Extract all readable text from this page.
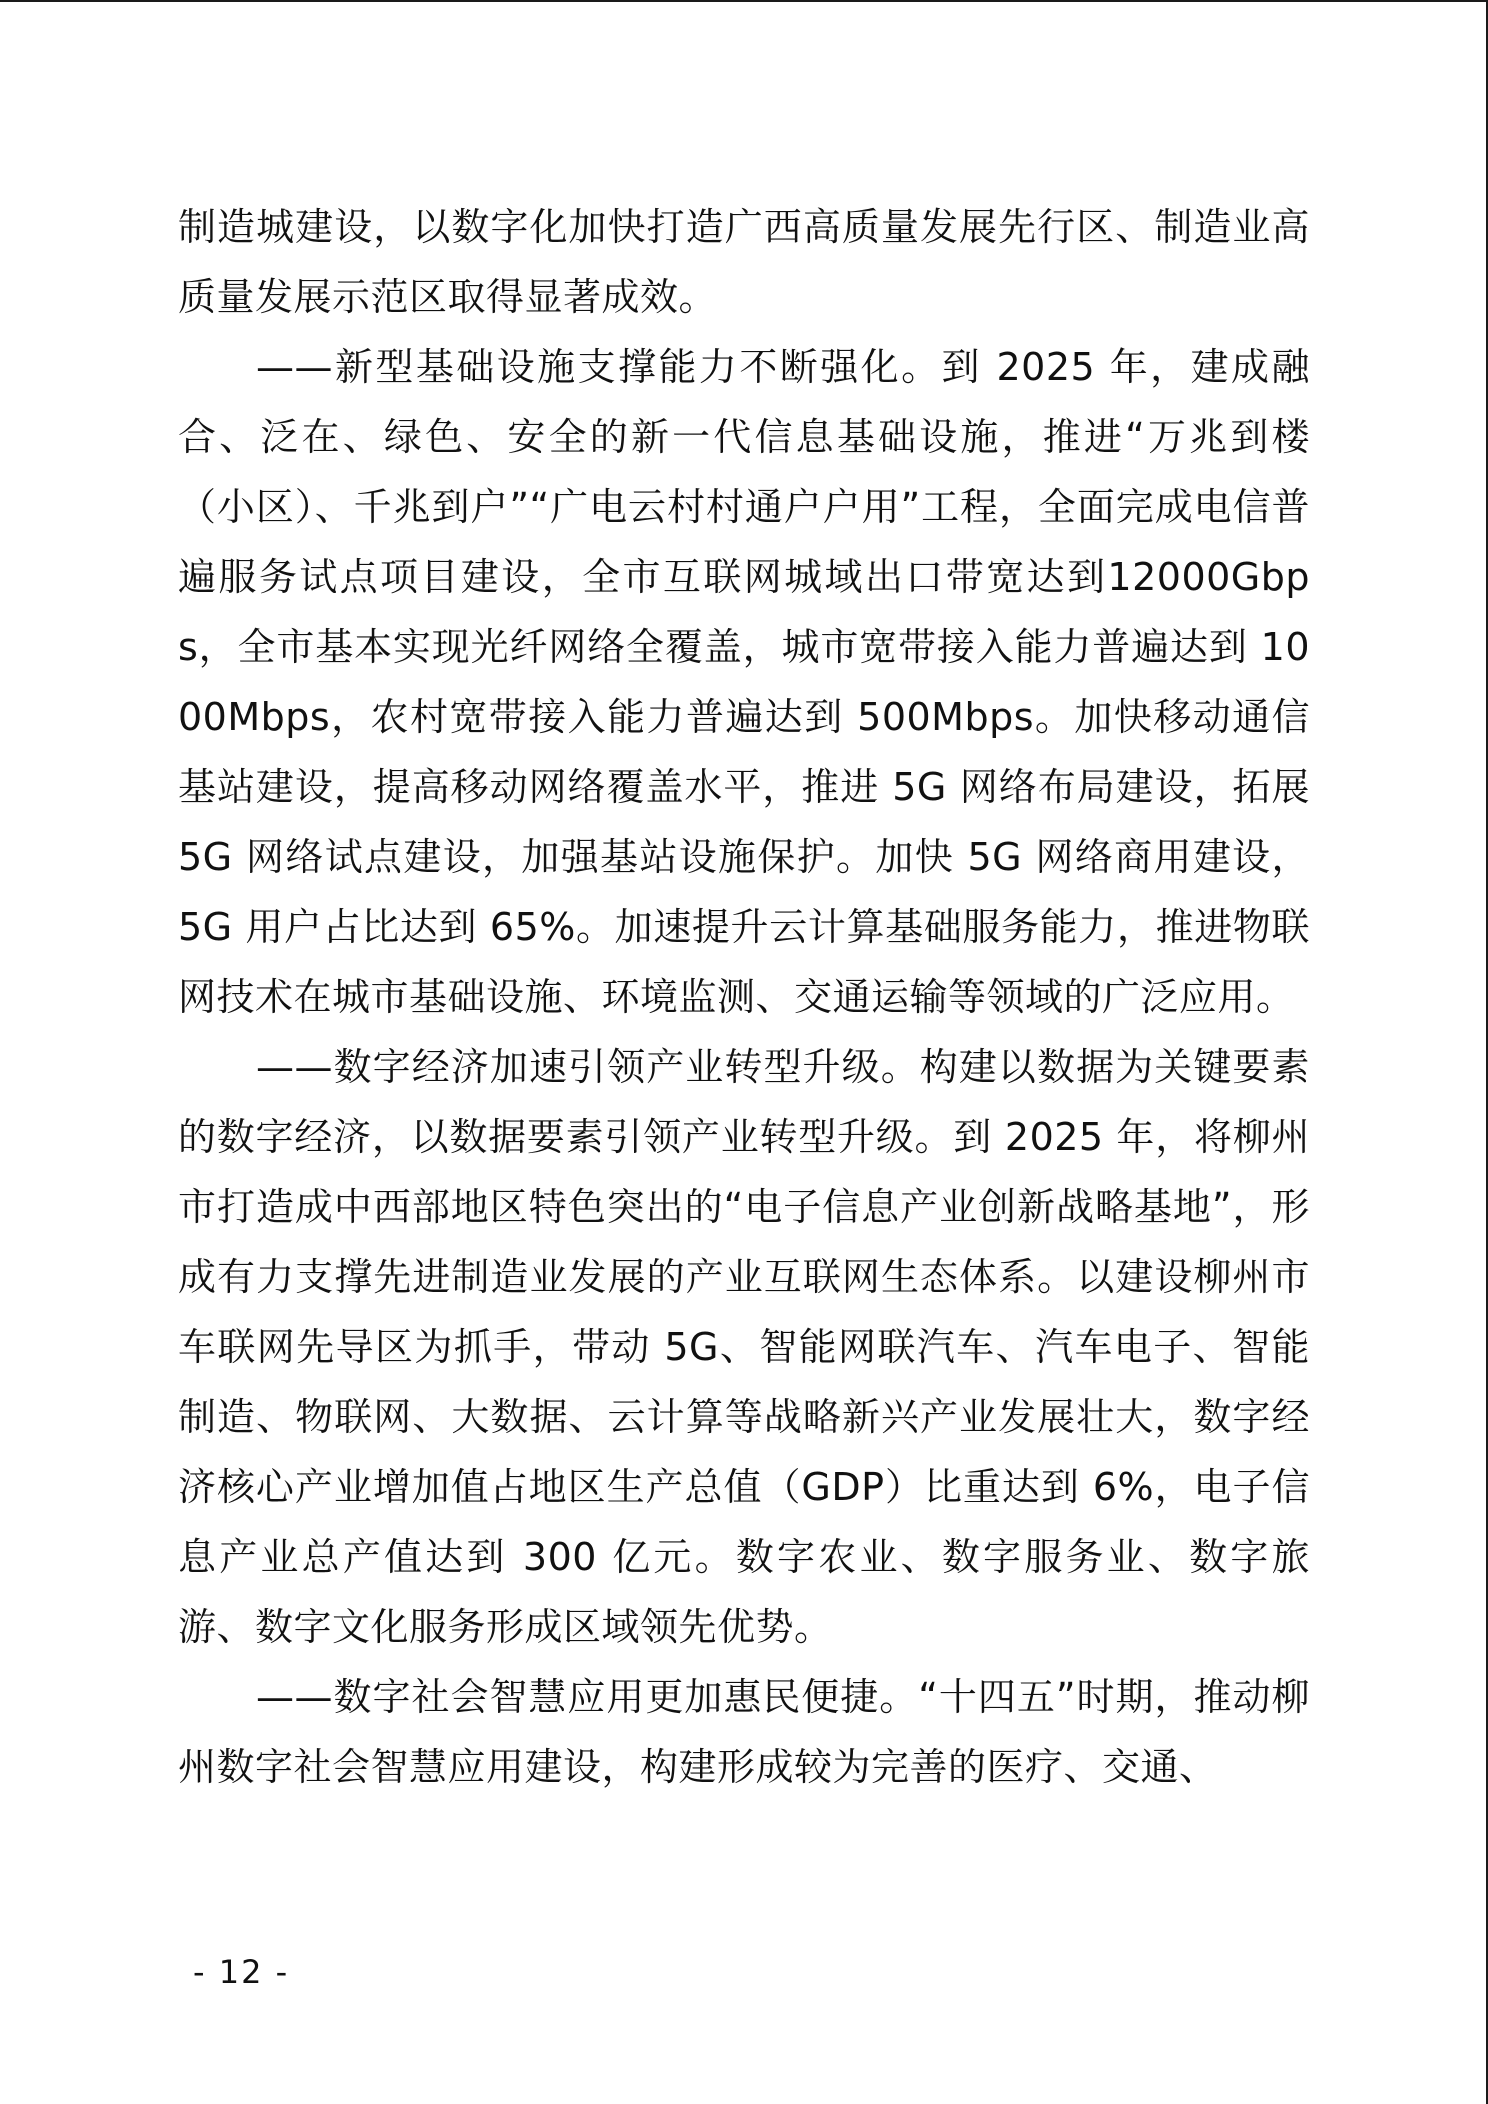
制造城建设，以数字化加快打造广西高质量发展先行区、制造业高质量发展示范区取得显著成效。

——新型基础设施支撑能力不断强化。到 2025 年，建成融合、泛在、绿色、安全的新一代信息基础设施，推进“万兆到楼（小区）、千兆到户”“广电云村村通户户用”工程，全面完成电信普遍服务试点项目建设，全市互联网城域出口带宽达到12000Gbps，全市基本实现光纤网络全覆盖，城市宽带接入能力普遍达到 1000Mbps，农村宽带接入能力普遍达到 500Mbps。加快移动通信基站建设，提高移动网络覆盖水平，推进 5G 网络布局建设，拓展 5G 网络试点建设，加强基站设施保护。加快 5G 网络商用建设，5G 用户占比达到 65%。加速提升云计算基础服务能力，推进物联网技术在城市基础设施、环境监测、交通运输等领域的广泛应用。

——数字经济加速引领产业转型升级。构建以数据为关键要素的数字经济，以数据要素引领产业转型升级。到 2025 年，将柳州市打造成中西部地区特色突出的“电子信息产业创新战略基地”，形成有力支撑先进制造业发展的产业互联网生态体系。以建设柳州市车联网先导区为抓手，带动 5G、智能网联汽车、汽车电子、智能制造、物联网、大数据、云计算等战略新兴产业发展壮大，数字经济核心产业增加值占地区生产总值（GDP）比重达到 6%，电子信息产业总产值达到 300 亿元。数字农业、数字服务业、数字旅游、数字文化服务形成区域领先优势。

——数字社会智慧应用更加惠民便捷。“十四五”时期，推动柳州数字社会智慧应用建设，构建形成较为完善的医疗、交通、

- 12 -
